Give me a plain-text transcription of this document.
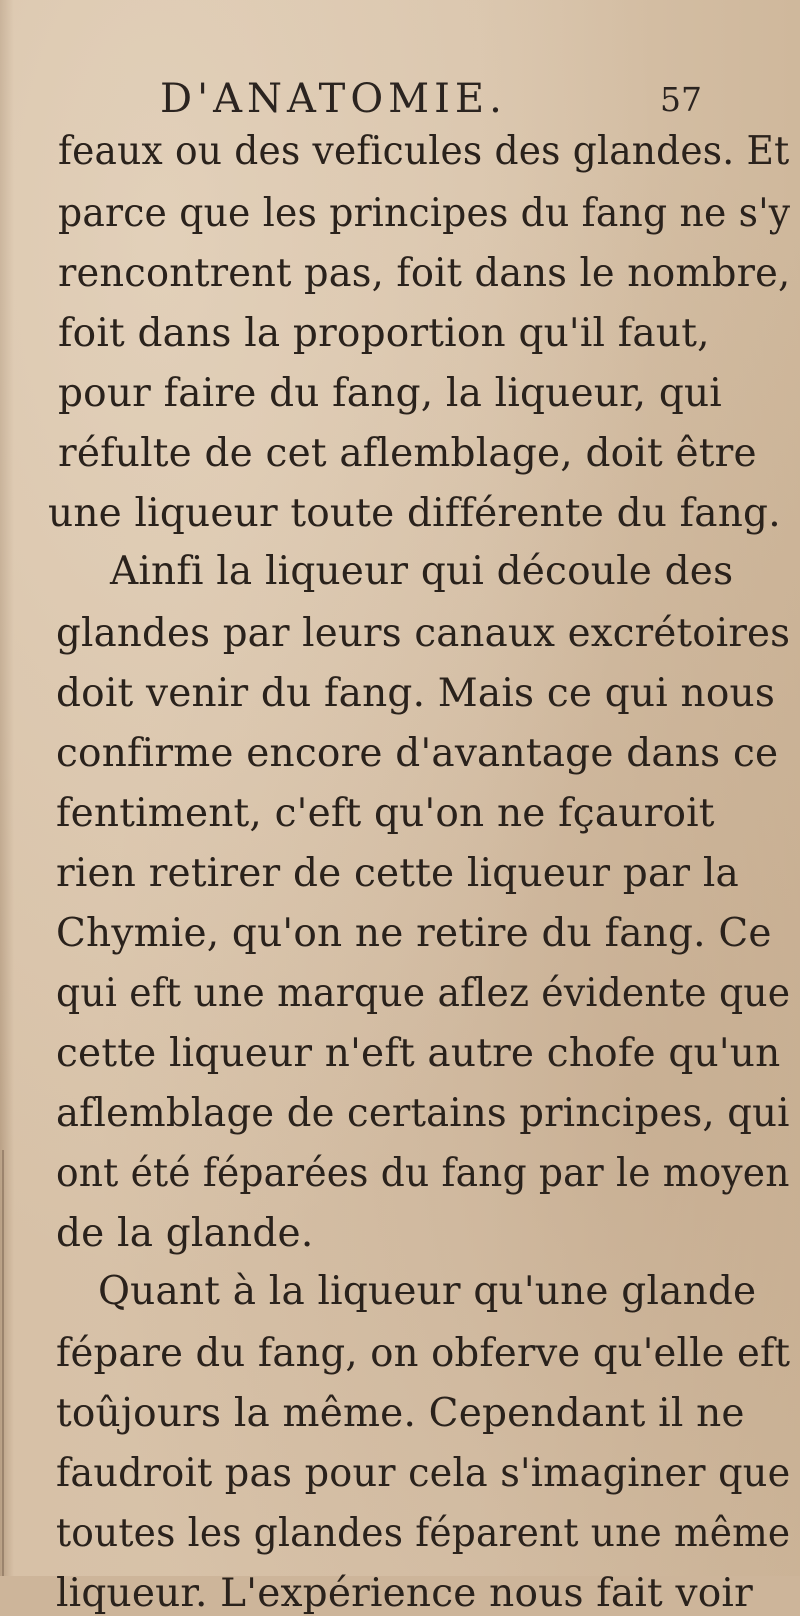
D'ANATOMIE.	57
feaux ou des veficules des glandes. Et
parce que les principes du fang ne s'y
rencontrent pas, foit dans le nombre,
foit dans la proportion qu'il faut,
pour faire du fang, la liqueur, qui
réfulte de cet aflemblage, doit être
une liqueur toute différente du fang.
Ainfi la liqueur qui découle des
glandes par leurs canaux excrétoires
doit venir du fang. Mais ce qui nous
confirme encore d'avantage dans ce
fentiment, c'eft qu'on ne fçauroit
rien retirer de cette liqueur par la
Chymie, qu'on ne retire du fang. Ce
qui eft une marque aflez évidente que
cette liqueur n'eft autre chofe qu'un
aflemblage de certains principes, qui
ont été féparées du fang par le moyen
de la glande.
Quant à la liqueur qu'une glande
fépare du fang, on obferve qu'elle eft
toûjours la même. Cependant il ne
faudroit pas pour cela s'imaginer que
toutes les glandes féparent une même
liqueur. L'expérience nous fait voir
